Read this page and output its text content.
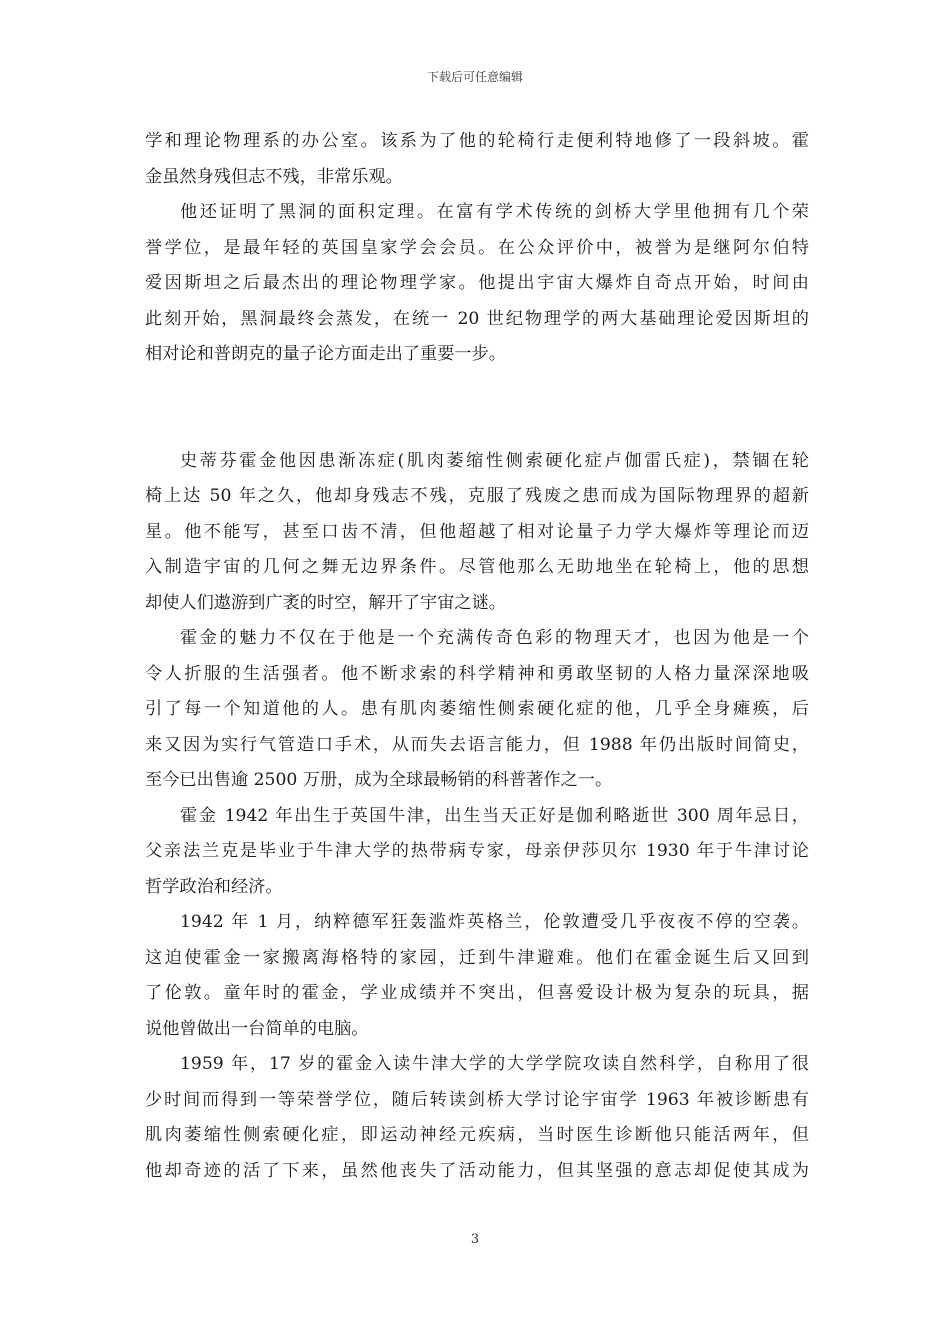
下载后可任意编辑
学和理论物理系的办公室。该系为了他的轮椅行走便利特地修了一段斜坡。霍
金虽然身残但志不残，非常乐观。
他还证明了黑洞的面积定理。在富有学术传统的剑桥大学里他拥有几个荣
誉学位，是最年轻的英国皇家学会会员。在公众评价中，被誉为是继阿尔伯特
爱因斯坦之后最杰出的理论物理学家。他提出宇宙大爆炸自奇点开始，时间由
此刻开始，黑洞最终会蒸发，在统一 20 世纪物理学的两大基础理论爱因斯坦的
相对论和普朗克的量子论方面走出了重要一步。
史蒂芬霍金他因患渐冻症(肌肉萎缩性侧索硬化症卢伽雷氏症)，禁锢在轮
椅上达 50 年之久，他却身残志不残，克服了残废之患而成为国际物理界的超新
星。他不能写，甚至口齿不清，但他超越了相对论量子力学大爆炸等理论而迈
入制造宇宙的几何之舞无边界条件。尽管他那么无助地坐在轮椅上，他的思想
却使人们遨游到广袤的时空，解开了宇宙之谜。
霍金的魅力不仅在于他是一个充满传奇色彩的物理天才，也因为他是一个
令人折服的生活强者。他不断求索的科学精神和勇敢坚韧的人格力量深深地吸
引了每一个知道他的人。患有肌肉萎缩性侧索硬化症的他，几乎全身瘫痪，后
来又因为实行气管造口手术，从而失去语言能力，但 1988 年仍出版时间简史，
至今已出售逾 2500 万册，成为全球最畅销的科普著作之一。
霍金 1942 年出生于英国牛津，出生当天正好是伽利略逝世 300 周年忌日，
父亲法兰克是毕业于牛津大学的热带病专家，母亲伊莎贝尔 1930 年于牛津讨论
哲学政治和经济。
1942 年 1 月，纳粹德军狂轰滥炸英格兰，伦敦遭受几乎夜夜不停的空袭。
这迫使霍金一家搬离海格特的家园，迁到牛津避难。他们在霍金诞生后又回到
了伦敦。童年时的霍金，学业成绩并不突出，但喜爱设计极为复杂的玩具，据
说他曾做出一台简单的电脑。
1959 年，17 岁的霍金入读牛津大学的大学学院攻读自然科学，自称用了很
少时间而得到一等荣誉学位，随后转读剑桥大学讨论宇宙学 1963 年被诊断患有
肌肉萎缩性侧索硬化症，即运动神经元疾病，当时医生诊断他只能活两年，但
他却奇迹的活了下来，虽然他丧失了活动能力，但其坚强的意志却促使其成为
3
